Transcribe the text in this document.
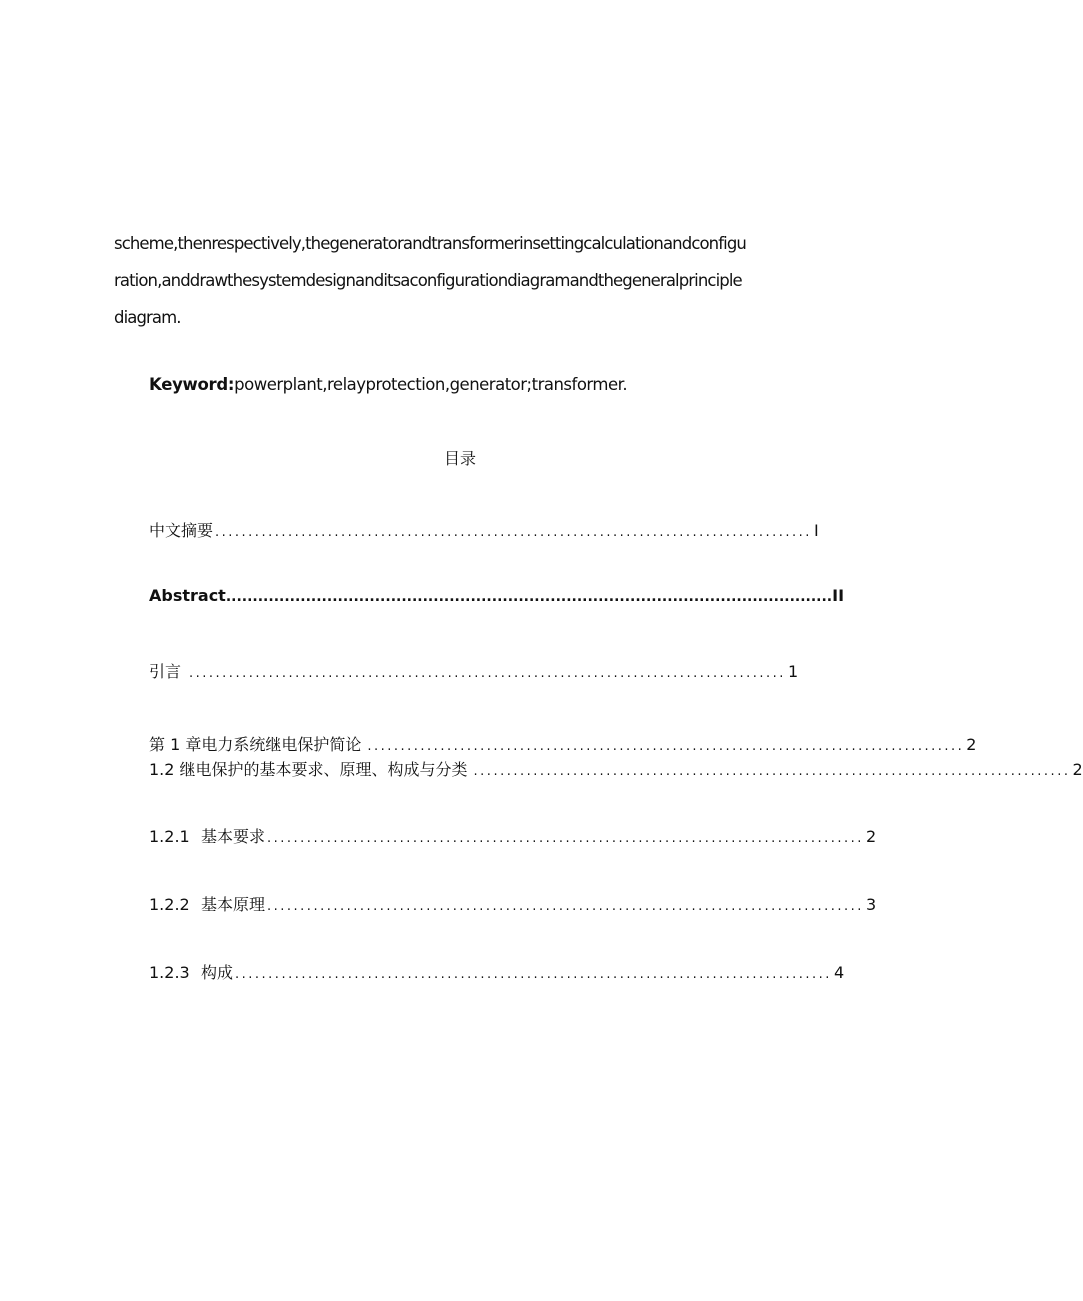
scheme,thenrespectively,thegeneratorandtransformerinsettingcalculationandconfigu
ration,anddrawthesystemdesignanditsaconfigurationdiagramandthegeneralprinciple
diagram.
Keyword:powerplant,relayprotection,generator;transformer.
目录
中文摘要 .......................................................................................... I
Abstract .................................................................................................................. II
引言 .......................................................................................... 1
第 1 章电力系统继电保护简论 .......................................................................................... 2
1.2 继电保护的基本要求、原理、构成与分类 .......................................................................................... 2
1.2.1 基本要求 .......................................................................................... 2
1.2.2 基本原理 .......................................................................................... 3
1.2.3 构成 .......................................................................................... 4
